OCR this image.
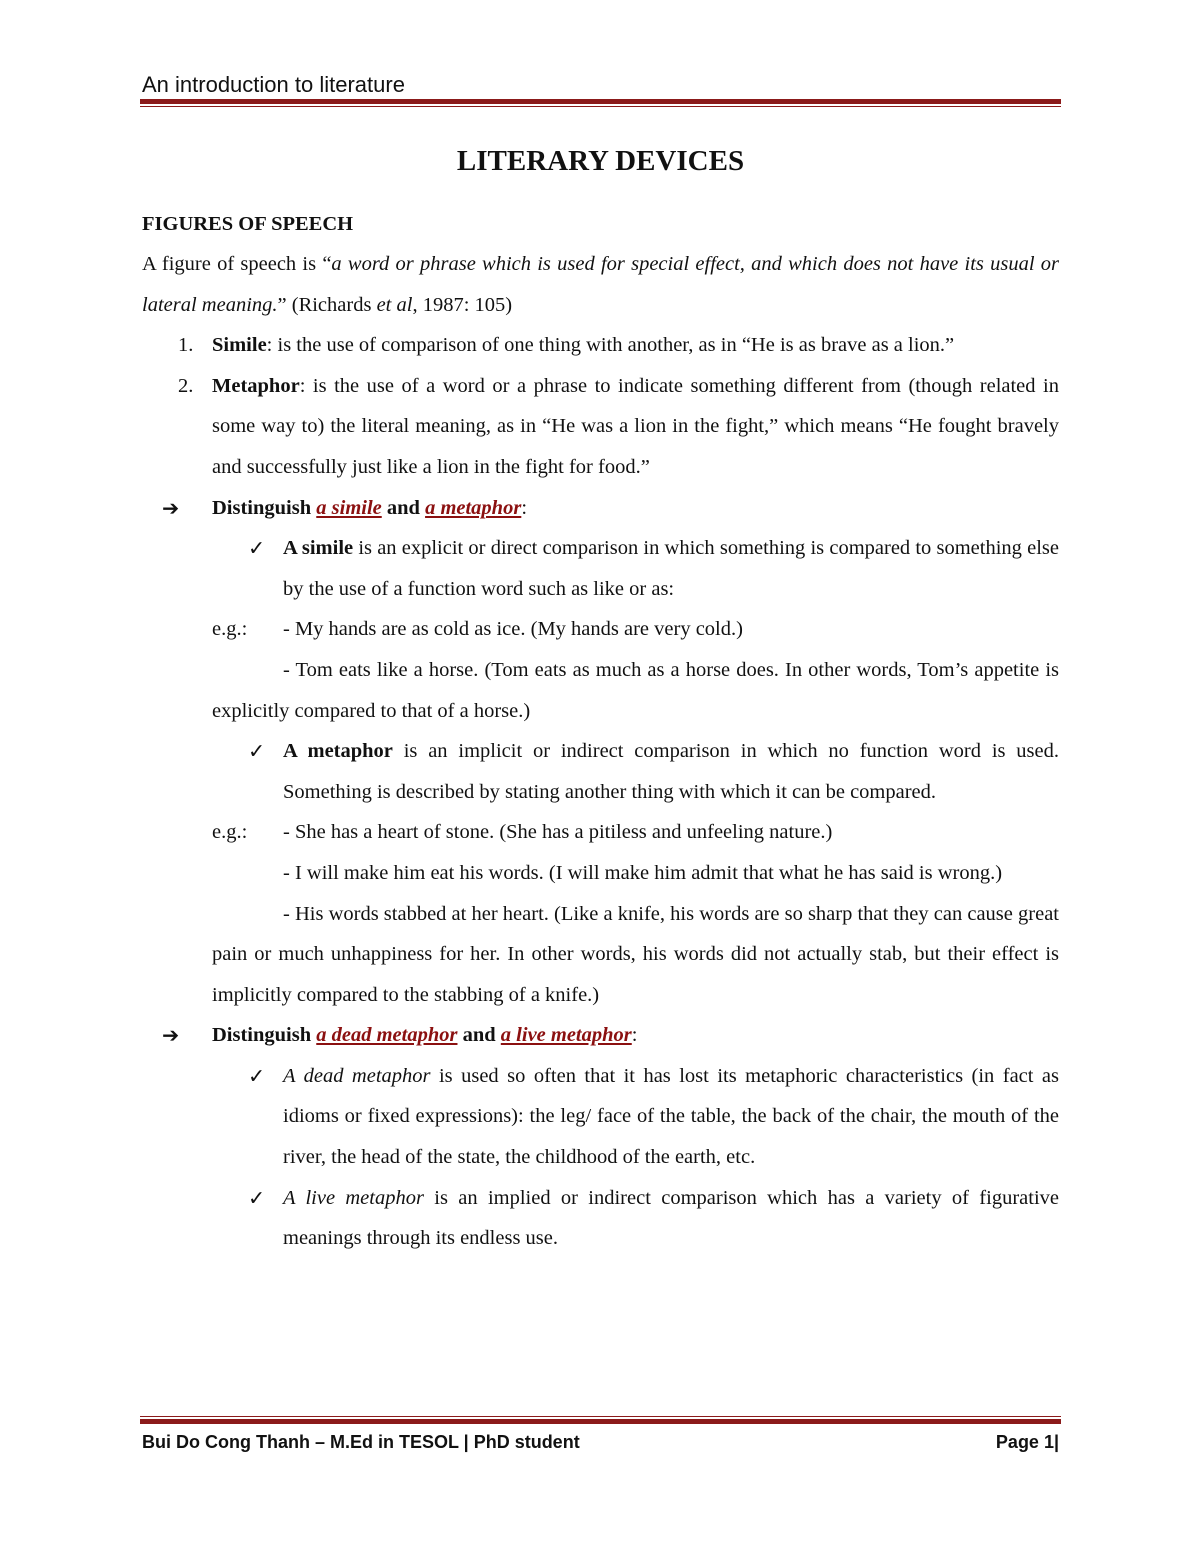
An introduction to literature
LITERARY DEVICES
FIGURES OF SPEECH

A figure of speech is “a word or phrase which is used for special effect, and which does not have its usual or lateral meaning.” (Richards et al, 1987: 105)

1. Simile: is the use of comparison of one thing with another, as in “He is as brave as a lion.”

2. Metaphor: is the use of a word or a phrase to indicate something different from (though related in some way to) the literal meaning, as in “He was a lion in the fight,” which means “He fought bravely and successfully just like a lion in the fight for food.”

➔ Distinguish a simile and a metaphor:

✓ A simile is an explicit or direct comparison in which something is compared to something else by the use of a function word such as like or as:

e.g.: - My hands are as cold as ice. (My hands are very cold.)

- Tom eats like a horse. (Tom eats as much as a horse does. In other words, Tom’s appetite is explicitly compared to that of a horse.)

✓ A metaphor is an implicit or indirect comparison in which no function word is used. Something is described by stating another thing with which it can be compared.

e.g.: - She has a heart of stone. (She has a pitiless and unfeeling nature.)

- I will make him eat his words. (I will make him admit that what he has said is wrong.)

- His words stabbed at her heart. (Like a knife, his words are so sharp that they can cause great pain or much unhappiness for her. In other words, his words did not actually stab, but their effect is implicitly compared to the stabbing of a knife.)

➔ Distinguish a dead metaphor and a live metaphor:

✓ A dead metaphor is used so often that it has lost its metaphoric characteristics (in fact as idioms or fixed expressions): the leg/ face of the table, the back of the chair, the mouth of the river, the head of the state, the childhood of the earth, etc.

✓ A live metaphor is an implied or indirect comparison which has a variety of figurative meanings through its endless use.

Bui Do Cong Thanh – M.Ed in TESOL | PhD student	Page 1|
